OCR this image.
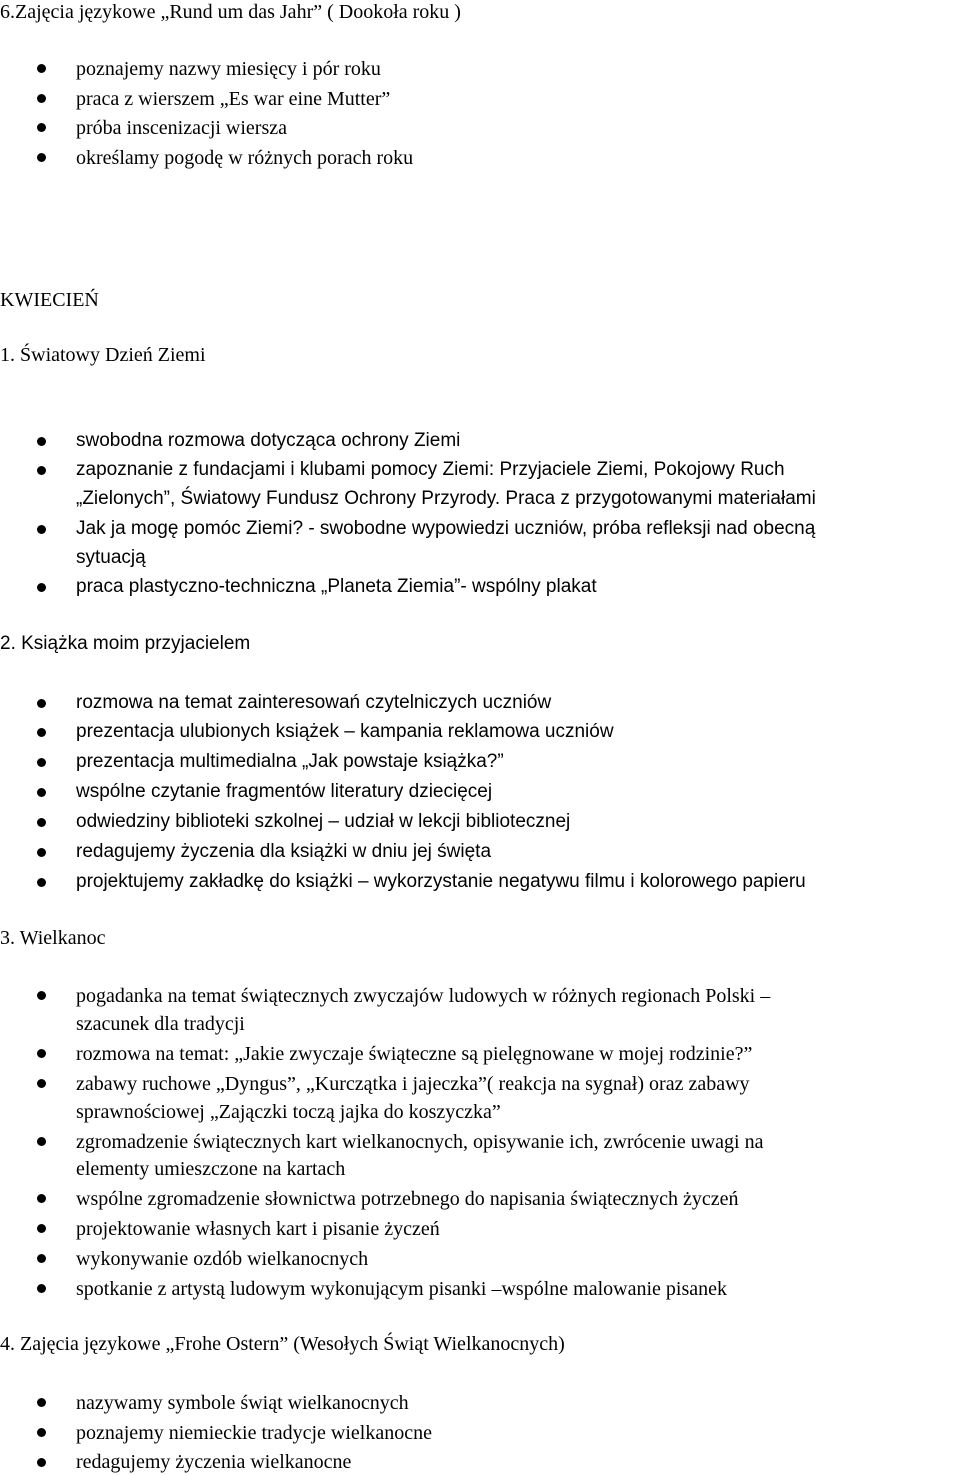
6.Zajęcia językowe „Rund um das Jahr” ( Dookoła roku )
poznajemy nazwy miesięcy i pór roku
praca z wierszem „Es war eine Mutter”
próba inscenizacji wiersza
określamy pogodę w różnych porach roku
KWIECIEŃ
1. Światowy Dzień Ziemi
swobodna rozmowa dotycząca ochrony Ziemi
zapoznanie z fundacjami i klubami pomocy Ziemi: Przyjaciele Ziemi, Pokojowy Ruch
„Zielonych”, Światowy Fundusz Ochrony Przyrody. Praca z przygotowanymi materiałami
Jak ja mogę pomóc Ziemi? - swobodne wypowiedzi uczniów, próba refleksji nad obecną
sytuacją
praca plastyczno-techniczna „Planeta Ziemia”- wspólny plakat
2. Książka moim przyjacielem
rozmowa na temat zainteresowań czytelniczych uczniów
prezentacja ulubionych książek – kampania reklamowa uczniów
prezentacja multimedialna „Jak powstaje książka?”
wspólne czytanie fragmentów literatury dziecięcej
odwiedziny biblioteki szkolnej – udział w lekcji bibliotecznej
redagujemy życzenia dla książki w dniu jej święta
projektujemy zakładkę do książki – wykorzystanie negatywu filmu i kolorowego papieru
3. Wielkanoc
pogadanka na temat świątecznych zwyczajów ludowych w różnych regionach Polski –
szacunek dla tradycji
rozmowa na temat: „Jakie zwyczaje świąteczne są pielęgnowane w mojej rodzinie?”
zabawy ruchowe „Dyngus”, „Kurczątka i jajeczka”( reakcja na sygnał) oraz zabawy
sprawnościowej „Zajączki toczą jajka do koszyczka”
zgromadzenie świątecznych kart wielkanocnych, opisywanie ich, zwrócenie uwagi na
elementy umieszczone na kartach
wspólne zgromadzenie słownictwa potrzebnego do napisania świątecznych życzeń
projektowanie własnych kart i pisanie życzeń
wykonywanie ozdób wielkanocnych
spotkanie z artystą ludowym wykonującym pisanki –wspólne malowanie pisanek
4. Zajęcia językowe „Frohe Ostern” (Wesołych Świąt Wielkanocnych)
nazywamy symbole świąt wielkanocnych
poznajemy niemieckie tradycje wielkanocne
redagujemy życzenia wielkanocne
